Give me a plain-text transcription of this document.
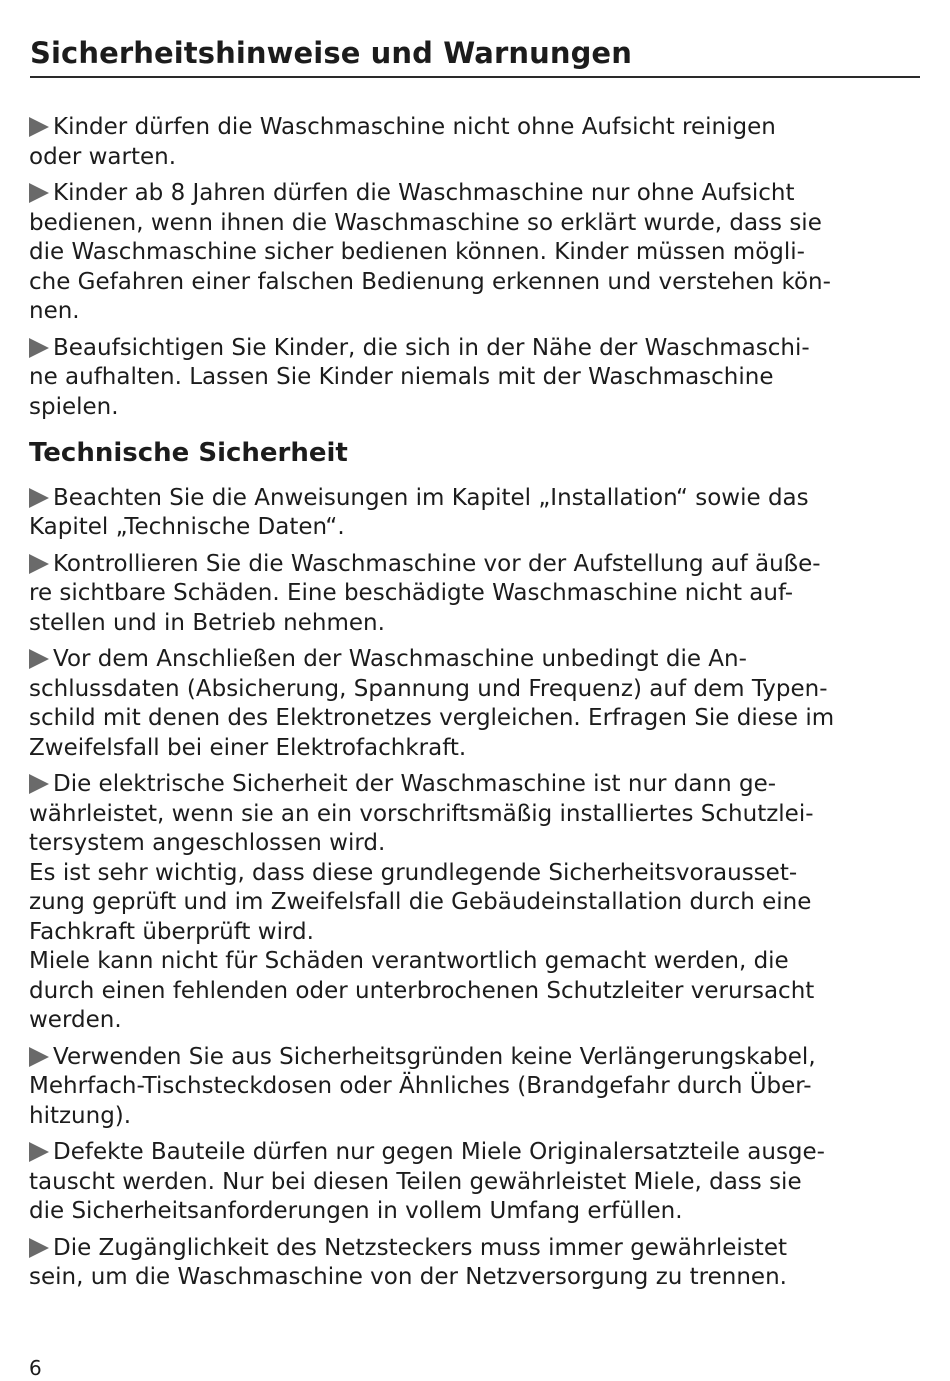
Sicherheitshinweise und Warnungen

Kinder dürfen die Waschmaschine nicht ohne Aufsicht reinigen
oder warten.

Kinder ab 8 Jahren dürfen die Waschmaschine nur ohne Aufsicht
bedienen, wenn ihnen die Waschmaschine so erklärt wurde, dass sie
die Waschmaschine sicher bedienen können. Kinder müssen mögli-
che Gefahren einer falschen Bedienung erkennen und verstehen kön-
nen.

Beaufsichtigen Sie Kinder, die sich in der Nähe der Waschmaschi-
ne aufhalten. Lassen Sie Kinder niemals mit der Waschmaschine
spielen.

Technische Sicherheit

Beachten Sie die Anweisungen im Kapitel „Installation“ sowie das
Kapitel „Technische Daten“.

Kontrollieren Sie die Waschmaschine vor der Aufstellung auf äuße-
re sichtbare Schäden. Eine beschädigte Waschmaschine nicht auf-
stellen und in Betrieb nehmen.

Vor dem Anschließen der Waschmaschine unbedingt die An-
schlussdaten (Absicherung, Spannung und Frequenz) auf dem Typen-
schild mit denen des Elektronetzes vergleichen. Erfragen Sie diese im
Zweifelsfall bei einer Elektrofachkraft.

Die elektrische Sicherheit der Waschmaschine ist nur dann ge-
währleistet, wenn sie an ein vorschriftsmäßig installiertes Schutzlei-
tersystem angeschlossen wird.

Es ist sehr wichtig, dass diese grundlegende Sicherheitsvorausset-
zung geprüft und im Zweifelsfall die Gebäudeinstallation durch eine
Fachkraft überprüft wird.

Miele kann nicht für Schäden verantwortlich gemacht werden, die
durch einen fehlenden oder unterbrochenen Schutzleiter verursacht
werden.

Verwenden Sie aus Sicherheitsgründen keine Verlängerungskabel,
Mehrfach-Tischsteckdosen oder Ähnliches (Brandgefahr durch Über-
hitzung).

Defekte Bauteile dürfen nur gegen Miele Originalersatzteile ausge-
tauscht werden. Nur bei diesen Teilen gewährleistet Miele, dass sie
die Sicherheitsanforderungen in vollem Umfang erfüllen.

Die Zugänglichkeit des Netzsteckers muss immer gewährleistet
sein, um die Waschmaschine von der Netzversorgung zu trennen.

6
